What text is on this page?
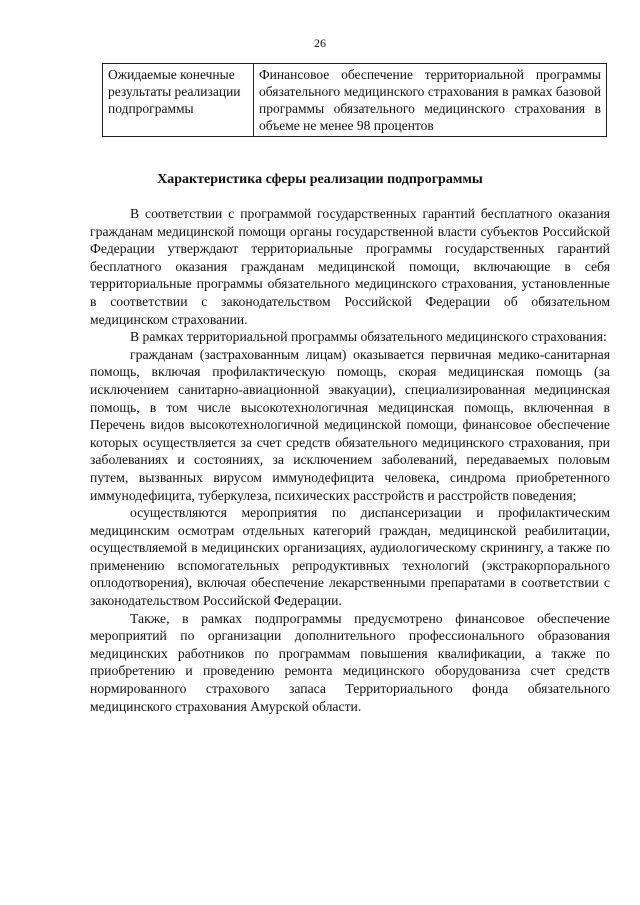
26
Ожидаемые конечные результаты реализации подпрограммы	Финансовое обеспечение территориальной программы обязательного медицинского страхования в рамках базовой программы обязательного медицинского страхования в объеме не менее 98 процентов
Характеристика сферы реализации подпрограммы

В соответствии с программой государственных гарантий бесплатного оказания гражданам медицинской помощи органы государственной власти субъектов Российской Федерации утверждают территориальные программы государственных гарантий бесплатного оказания гражданам медицинской помощи, включающие в себя территориальные программы обязательного медицинского страхования, установленные в соответствии с законодательством Российской Федерации об обязательном медицинском страховании.

В рамках территориальной программы обязательного медицинского страхования:

гражданам (застрахованным лицам) оказывается первичная медико-санитарная помощь, включая профилактическую помощь, скорая медицинская помощь (за исключением санитарно-авиационной эвакуации), специализированная медицинская помощь, в том числе высокотехнологичная медицинская помощь, включенная в Перечень видов высокотехнологичной медицинской помощи, финансовое обеспечение которых осуществляется за счет средств обязательного медицинского страхования, при заболеваниях и состояниях, за исключением заболеваний, передаваемых половым путем, вызванных вирусом иммунодефицита человека, синдрома приобретенного иммунодефицита, туберкулеза, психических расстройств и расстройств поведения;

осуществляются мероприятия по диспансеризации и профилактическим медицинским осмотрам отдельных категорий граждан, медицинской реабилитации, осуществляемой в медицинских организациях, аудиологическому скринингу, а также по применению вспомогательных репродуктивных технологий (экстракорпорального оплодотворения), включая обеспечение лекарственными препаратами в соответствии с законодательством Российской Федерации.

Также, в рамках подпрограммы предусмотрено финансовое обеспечение мероприятий по организации дополнительного профессионального образования медицинских работников по программам повышения квалификации, а также по приобретению и проведению ремонта медицинского оборудованиза счет средств нормированного страхового запаса Территориального фонда обязательного медицинского страхования Амурской области.
